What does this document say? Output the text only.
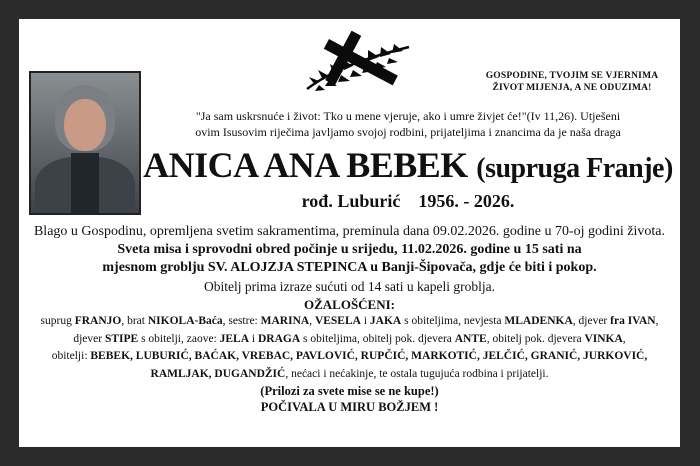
GOSPODINE, TVOJIM SE VJERNIMA
ŽIVOT MIJENJA, A NE ODUZIMA!
"Ja sam uskrsnuće i život: Tko u mene vjeruje, ako i umre živjet će!"(Iv 11,26). Utješeni
ovim Isusovim riječima javljamo svojoj rodbini, prijateljima i znancima da je naša draga
ANICA ANA BEBEK (supruga Franje)
rođ. Luburić 1956. - 2026.
Blago u Gospodinu, opremljena svetim sakramentima, preminula dana 09.02.2026. godine u 70-oj godini života.
Sveta misa i sprovodni obred počinje u srijedu, 11.02.2026. godine u 15 sati na
mjesnom groblju SV. ALOJZJA STEPINCA u Banji-Šipovača, gdje će biti i pokop.
Obitelj prima izraze sućuti od 14 sati u kapeli groblja.
OŽALOŠĆENI:
suprug FRANJO, brat NIKOLA-Baća, sestre: MARINA, VESELA i JAKA s obiteljima, nevjesta MLADENKA, djever fra IVAN,
djever STIPE s obitelji, zaove: JELA i DRAGA s obiteljima, obitelj pok. djevera ANTE, obitelj pok. djevera VINKA,
obitelji: BEBEK, LUBURIĆ, BAĆAK, VREBAC, PAVLOVIĆ, RUPČIĆ, MARKOTIĆ, JELČIĆ, GRANIĆ, JURKOVIĆ,
RAMLJAK, DUGANDŽIĆ, nećaci i nećakinje, te ostala tugujuća rodbina i prijatelji.
(Prilozi za svete mise se ne kupe!)
POČIVALA U MIRU BOŽJEM !
